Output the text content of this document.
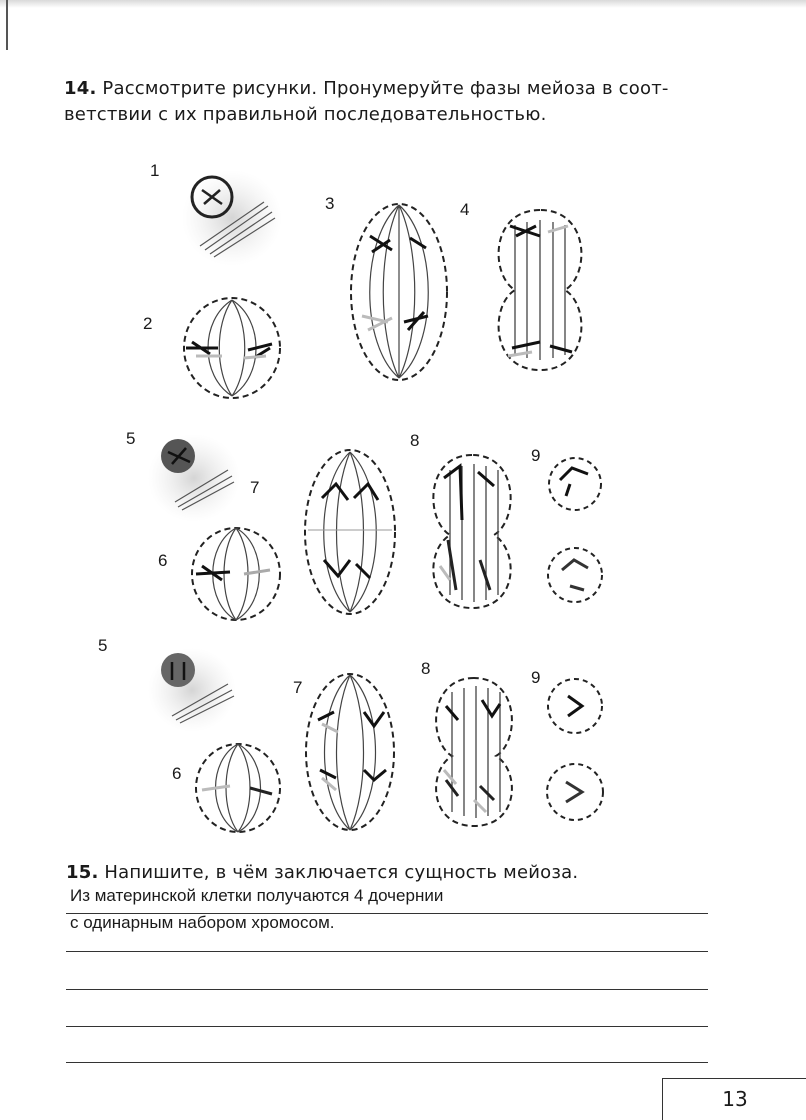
14. Рассмотрите рисунки. Пронумеруйте фазы мейоза в соот-
ветствии с их правильной последовательностью.
1
2
3	4
5
6
7
8
9
5
6
7
8	9
15. Напишите, в чём заключается сущность мейоза.
Из материнской клетки получаются 4 дочернии
с одинарным набором хромосом.
13
